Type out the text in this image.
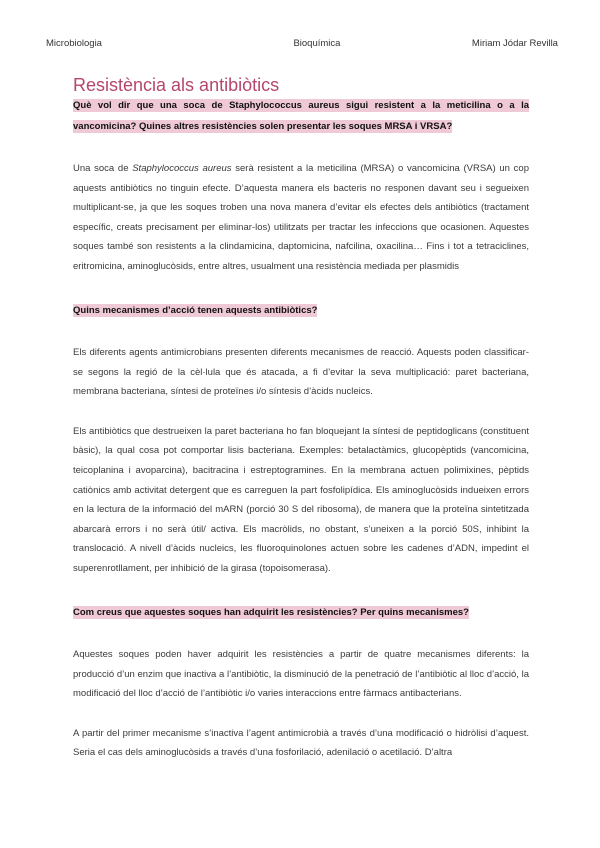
Microbiologia	Bioquímica	Miriam Jódar Revilla
Resistència als antibiòtics

Què vol dir que una soca de Staphylococcus aureus sigui resistent a la meticilina o a la vancomicina? Quines altres resistències solen presentar les soques MRSA i VRSA?

Una soca de Staphylococcus aureus serà resistent a la meticilina (MRSA) o vancomicina (VRSA) un cop aquests antibiòtics no tinguin efecte. D’aquesta manera els bacteris no responen davant seu i segueixen multiplicant-se, ja que les soques troben una nova manera d’evitar els efectes dels antibiòtics (tractament específic, creats precisament per eliminar-los) utilitzats per tractar les infeccions que ocasionen. Aquestes soques també son resistents a la clindamicina, daptomicina, nafcilina, oxacilina… Fins i tot a tetraciclines, eritromicina, aminoglucòsids, entre altres, usualment una resistència mediada per plasmidis

Quins mecanismes d’acció tenen aquests antibiòtics?

Els diferents agents antimicrobians presenten diferents mecanismes de reacció. Aquests poden classificar-se segons la regió de la cèl·lula que és atacada, a fi d’evitar la seva multiplicació: paret bacteriana, membrana bacteriana, síntesi de proteïnes i/o síntesis d’àcids nucleics.

Els antibiòtics que destrueixen la paret bacteriana ho fan bloquejant la síntesi de peptidoglicans (constituent bàsic), la qual cosa pot comportar lisis bacteriana. Exemples: betalactàmics, glucopèptids (vancomicina, teicoplanina i avoparcina), bacitracina i estreptogramines. En la membrana actuen polimixines, pèptids catiònics amb activitat detergent que es carreguen la part fosfolipídica. Els aminoglucòsids indueixen errors en la lectura de la informació del mARN (porció 30 S del ribosoma), de manera que la proteïna sintetitzada abarcarà errors i no serà útil/ activa. Els macròlids, no obstant, s’uneixen a la porció 50S, inhibint la translocació. A nivell d’àcids nucleics, les fluoroquinolones actuen sobre les cadenes d’ADN, impedint el superenrotllament, per inhibició de la girasa (topoisomerasa).

Com creus que aquestes soques han adquirit les resistències? Per quins mecanismes?

Aquestes soques poden haver adquirit les resistències a partir de quatre mecanismes diferents: la producció d’un enzim que inactiva a l’antibiòtic, la disminució de la penetració de l’antibiòtic al lloc d’acció, la modificació del lloc d’acció de l’antibiòtic i/o varies interaccions entre fàrmacs antibacterians.

A partir del primer mecanisme s’inactiva l’agent antimicrobià a través d’una modificació o hidròlisi d’aquest. Seria el cas dels aminoglucòsids a través d’una fosforilació, adenilació o acetilació. D’altra
